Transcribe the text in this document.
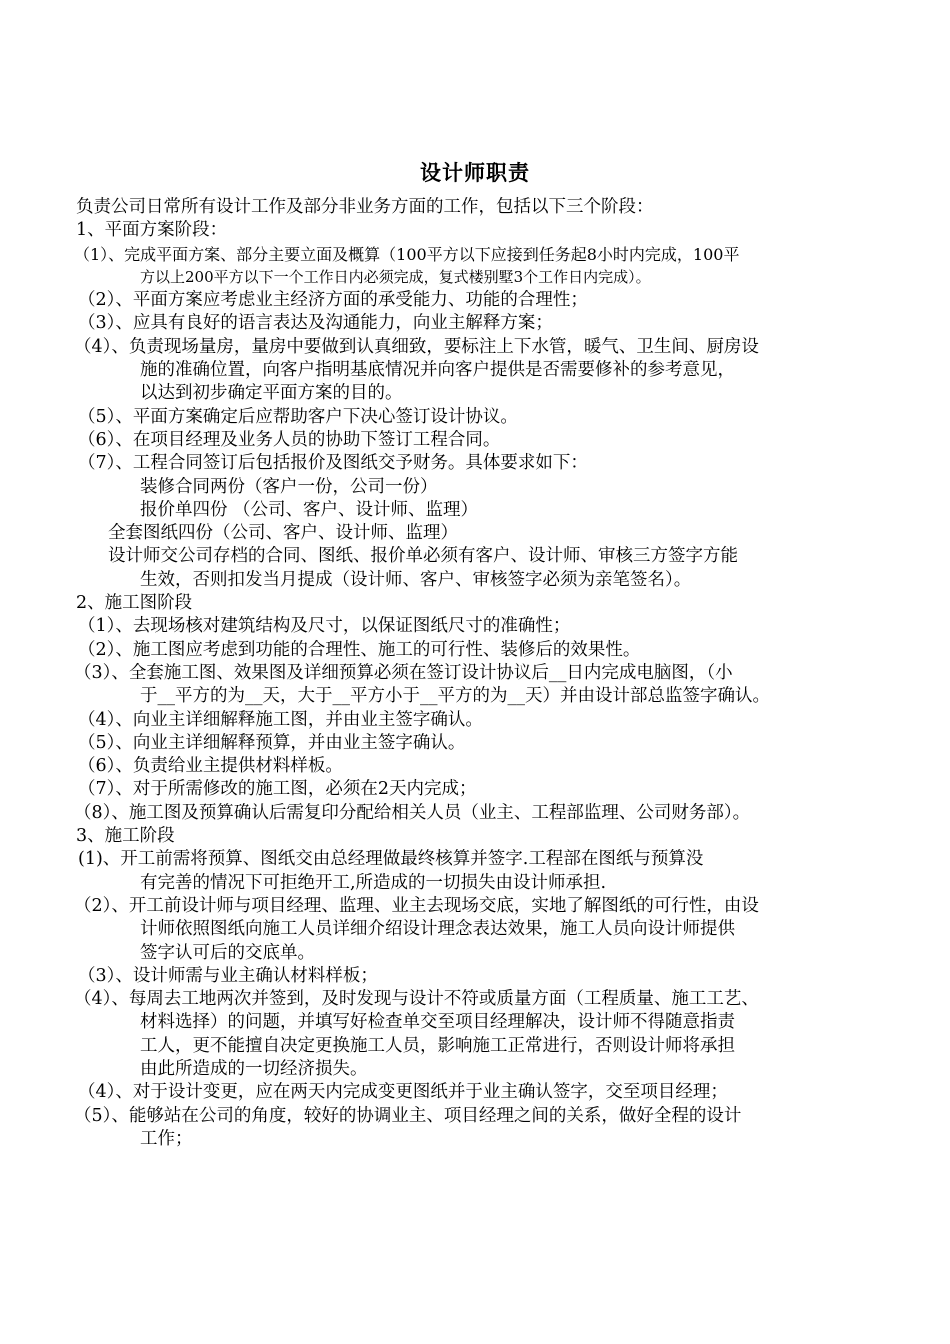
设计师职责
负责公司日常所有设计工作及部分非业务方面的工作，包括以下三个阶段：
1、平面方案阶段：
（1）、完成平面方案、部分主要立面及概算（100平方以下应接到任务起8小时内完成，100平
方以上200平方以下一个工作日内必须完成，复式楼别墅3个工作日内完成）。
（2）、平面方案应考虑业主经济方面的承受能力、功能的合理性；
（3）、应具有良好的语言表达及沟通能力，向业主解释方案；
（4）、负责现场量房，量房中要做到认真细致，要标注上下水管，暖气、卫生间、厨房设
施的准确位置，向客户指明基底情况并向客户提供是否需要修补的参考意见，
以达到初步确定平面方案的目的。
（5）、平面方案确定后应帮助客户下决心签订设计协议。
（6）、在项目经理及业务人员的协助下签订工程合同。
（7）、工程合同签订后包括报价及图纸交予财务。具体要求如下：
装修合同两份（客户一份，公司一份）
报价单四份 （公司、客户、设计师、监理）
全套图纸四份（公司、客户、设计师、监理）
设计师交公司存档的合同、图纸、报价单必须有客户、设计师、审核三方签字方能
生效，否则扣发当月提成（设计师、客户、审核签字必须为亲笔签名）。
2、施工图阶段
（1）、去现场核对建筑结构及尺寸，以保证图纸尺寸的准确性；
（2）、施工图应考虑到功能的合理性、施工的可行性、装修后的效果性。
（3）、全套施工图、效果图及详细预算必须在签订设计协议后__日内完成电脑图，（小
于__平方的为__天，大于__平方小于__平方的为__天）并由设计部总监签字确认。
（4）、向业主详细解释施工图，并由业主签字确认。
（5）、向业主详细解释预算，并由业主签字确认。
（6）、负责给业主提供材料样板。
（7）、对于所需修改的施工图，必须在2天内完成；
（8）、施工图及预算确认后需复印分配给相关人员（业主、工程部监理、公司财务部）。
3、施工阶段
(1)、开工前需将预算、图纸交由总经理做最终核算并签字.工程部在图纸与预算没
有完善的情况下可拒绝开工,所造成的一切损失由设计师承担.
（2）、开工前设计师与项目经理、监理、业主去现场交底，实地了解图纸的可行性，由设
计师依照图纸向施工人员详细介绍设计理念表达效果，施工人员向设计师提供
签字认可后的交底单。
（3）、设计师需与业主确认材料样板；
（4）、每周去工地两次并签到，及时发现与设计不符或质量方面（工程质量、施工工艺、
材料选择）的问题，并填写好检查单交至项目经理解决，设计师不得随意指责
工人，更不能擅自决定更换施工人员，影响施工正常进行，否则设计师将承担
由此所造成的一切经济损失。
（4）、对于设计变更，应在两天内完成变更图纸并于业主确认签字，交至项目经理；
（5）、能够站在公司的角度，较好的协调业主、项目经理之间的关系，做好全程的设计
工作；
